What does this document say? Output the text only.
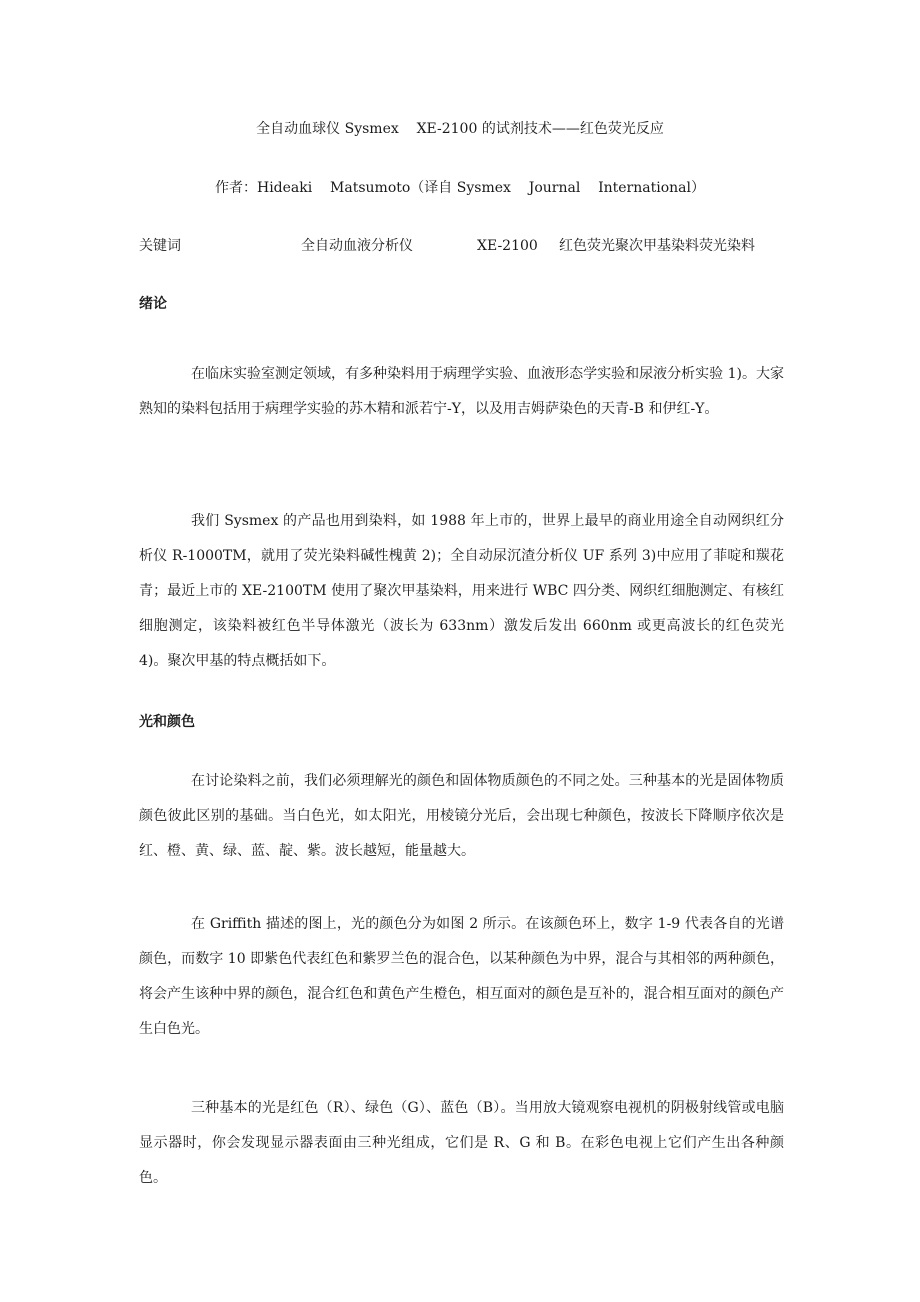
全自动血球仪 Sysmex    XE-2100 的试剂技术——红色荧光反应
作者：Hideaki    Matsumoto（译自 Sysmex    Journal    International）

关键词

	全自动血液分析仪

	XE-2100

红色荧光聚次甲基染料荧光染料

绪论

在临床实验室测定领域，有多种染料用于病理学实验、血液形态学实验和尿液分析实验 1)。大家熟知的染料包括用于病理学实验的苏木精和派若宁-Y，以及用吉姆萨染色的天青-B 和伊红-Y。

我们 Sysmex 的产品也用到染料，如 1988 年上市的，世界上最早的商业用途全自动网织红分析仪 R-1000TM，就用了荧光染料碱性槐黄 2)；全自动尿沉渣分析仪 UF 系列 3)中应用了菲啶和羰花青；最近上市的 XE-2100TM 使用了聚次甲基染料，用来进行 WBC 四分类、网织红细胞测定、有核红细胞测定，该染料被红色半导体激光（波长为 633nm）激发后发出 660nm 或更高波长的红色荧光 4)。聚次甲基的特点概括如下。

光和颜色

在讨论染料之前，我们必须理解光的颜色和固体物质颜色的不同之处。三种基本的光是固体物质颜色彼此区别的基础。当白色光，如太阳光，用棱镜分光后，会出现七种颜色，按波长下降顺序依次是红、橙、黄、绿、蓝、靛、紫。波长越短，能量越大。

在 Griffith 描述的图上，光的颜色分为如图 2 所示。在该颜色环上，数字 1-9 代表各自的光谱颜色，而数字 10 即紫色代表红色和紫罗兰色的混合色，以某种颜色为中界，混合与其相邻的两种颜色，将会产生该种中界的颜色，混合红色和黄色产生橙色，相互面对的颜色是互补的，混合相互面对的颜色产生白色光。

三种基本的光是红色（R）、绿色（G）、蓝色（B）。当用放大镜观察电视机的阴极射线管或电脑显示器时，你会发现显示器表面由三种光组成，它们是 R、G 和 B。在彩色电视上它们产生出各种颜色。
